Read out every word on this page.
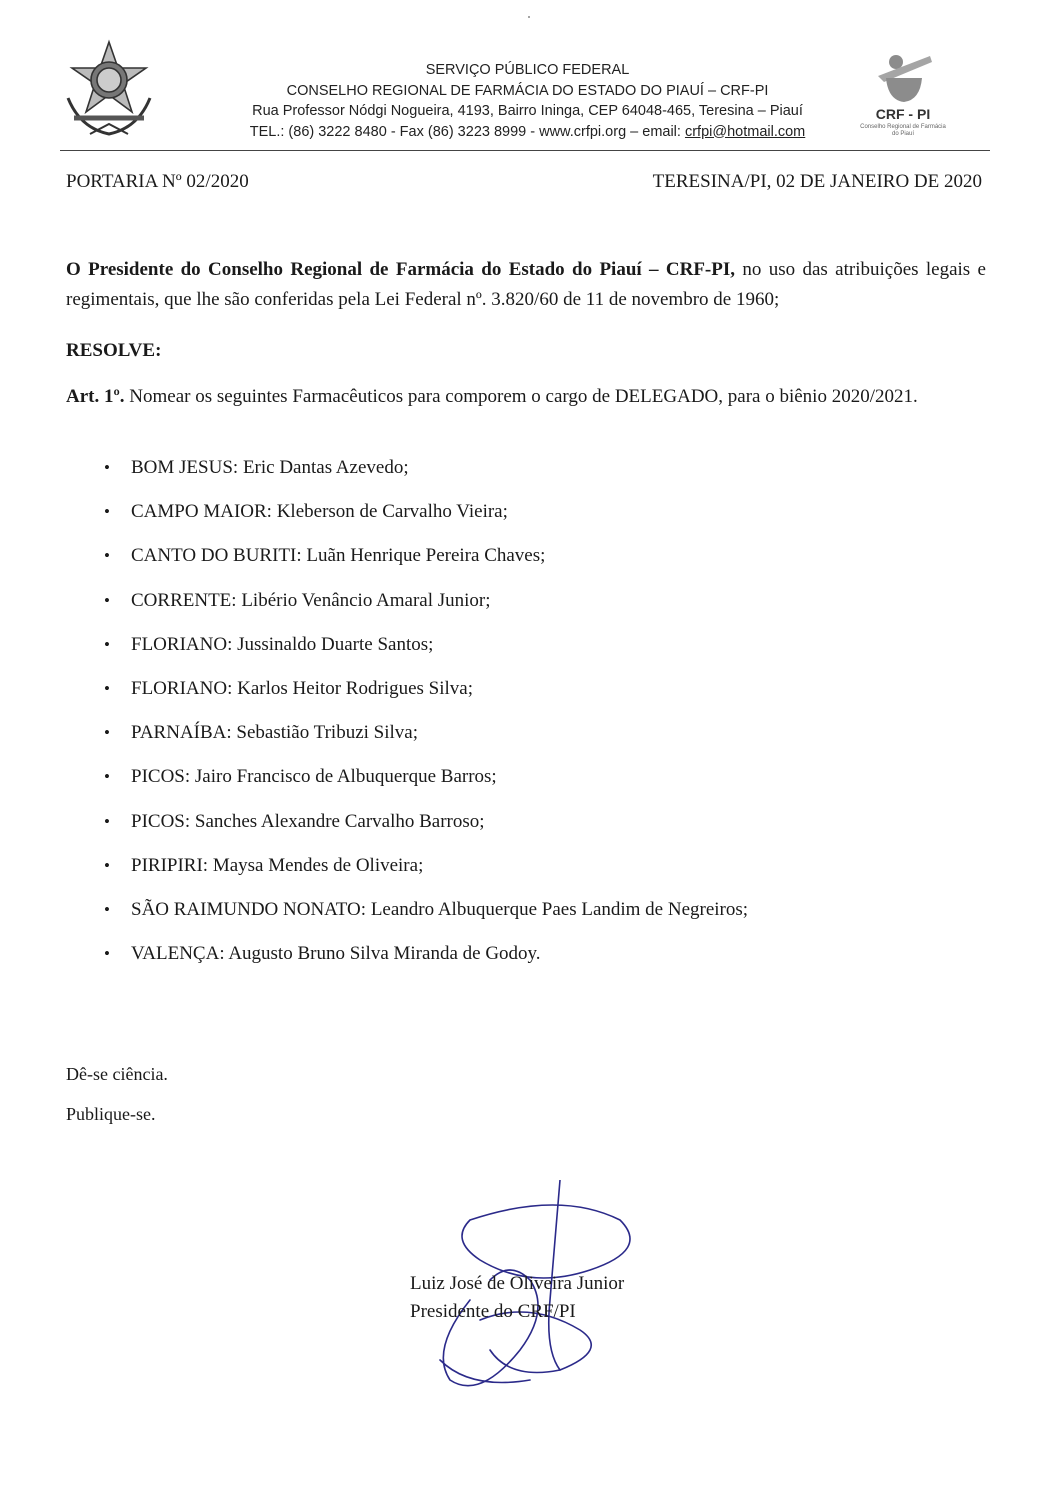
SERVIÇO PÚBLICO FEDERAL
CONSELHO REGIONAL DE FARMÁCIA DO ESTADO DO PIAUÍ – CRF-PI
Rua Professor Nódgi Nogueira, 4193, Bairro Ininga, CEP 64048-465, Teresina – Piauí
TEL.: (86) 3222 8480 - Fax (86) 3223 8999 - www.crfpi.org – email: crfpi@hotmail.com
CRF - PI
Conselho Regional de Farmácia do Piauí
PORTARIA Nº 02/2020	TERESINA/PI, 02 DE JANEIRO DE 2020
O Presidente do Conselho Regional de Farmácia do Estado do Piauí – CRF-PI, no uso das atribuições legais e regimentais, que lhe são conferidas pela Lei Federal nº. 3.820/60 de 11 de novembro de 1960;
RESOLVE:
Art. 1º. Nomear os seguintes Farmacêuticos para comporem o cargo de DELEGADO, para o biênio 2020/2021.
• BOM JESUS: Eric Dantas Azevedo;
• CAMPO MAIOR: Kleberson de Carvalho Vieira;
• CANTO DO BURITI: Luãn Henrique Pereira Chaves;
• CORRENTE: Libério Venâncio Amaral Junior;
• FLORIANO: Jussinaldo Duarte Santos;
• FLORIANO: Karlos Heitor Rodrigues Silva;
• PARNAÍBA: Sebastião Tribuzi Silva;
• PICOS: Jairo Francisco de Albuquerque Barros;
• PICOS: Sanches Alexandre Carvalho Barroso;
• PIRIPIRI: Maysa Mendes de Oliveira;
• SÃO RAIMUNDO NONATO: Leandro Albuquerque Paes Landim de Negreiros;
• VALENÇA: Augusto Bruno Silva Miranda de Godoy.
Dê-se ciência.
Publique-se.
Luiz José de Oliveira Junior
Presidente do CRF/PI
